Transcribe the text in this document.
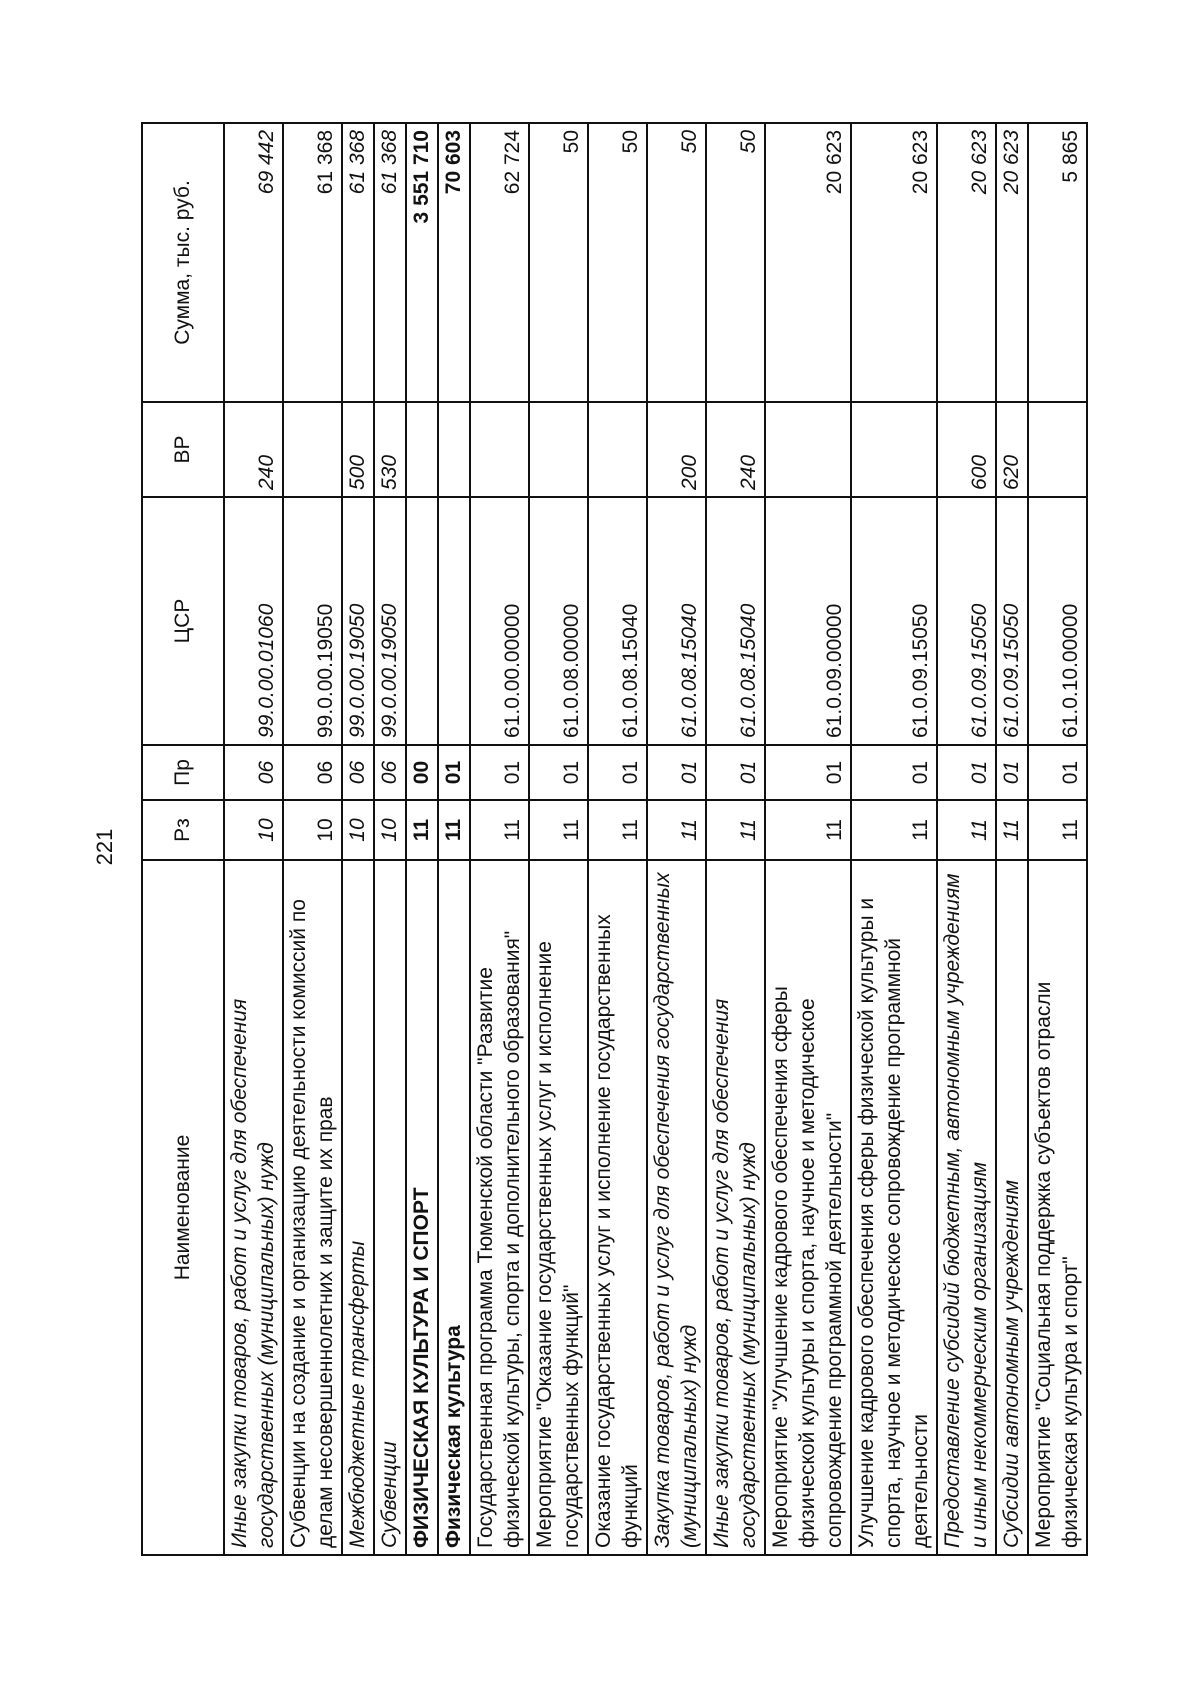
221
Наименование	Рз	Пр	ЦСР	ВР	Сумма, тыс. руб.
Иные закупки товаров, работ и услуг для обеспечения государственных (муниципальных) нужд	10	06	99.0.00.01060	240	69 442
Субвенции на создание и организацию деятельности комиссий по делам несовершеннолетних и защите их прав	10	06	99.0.00.19050		61 368
Межбюджетные трансферты	10	06	99.0.00.19050	500	61 368
Субвенции	10	06	99.0.00.19050	530	61 368
ФИЗИЧЕСКАЯ КУЛЬТУРА И СПОРТ	11	00			3 551 710
Физическая культура	11	01			70 603
Государственная программа Тюменской области "Развитие физической культуры, спорта и дополнительного образования"	11	01	61.0.00.00000		62 724
Мероприятие "Оказание государственных услуг и исполнение государственных функций"	11	01	61.0.08.00000		50
Оказание государственных услуг и исполнение государственных функций	11	01	61.0.08.15040		50
Закупка товаров, работ и услуг для обеспечения государственных (муниципальных) нужд	11	01	61.0.08.15040	200	50
Иные закупки товаров, работ и услуг для обеспечения государственных (муниципальных) нужд	11	01	61.0.08.15040	240	50
Мероприятие "Улучшение кадрового обеспечения сферы физической культуры и спорта, научное и методическое сопровождение программной деятельности"	11	01	61.0.09.00000		20 623
Улучшение кадрового обеспечения сферы физической культуры и спорта, научное и методическое сопровождение программной деятельности	11	01	61.0.09.15050		20 623
Предоставление субсидий бюджетным, автономным учреждениям и иным некоммерческим организациям	11	01	61.0.09.15050	600	20 623
Субсидии автономным учреждениям	11	01	61.0.09.15050	620	20 623
Мероприятие "Социальная поддержка субъектов отрасли физическая культура и спорт"	11	01	61.0.10.00000		5 865
